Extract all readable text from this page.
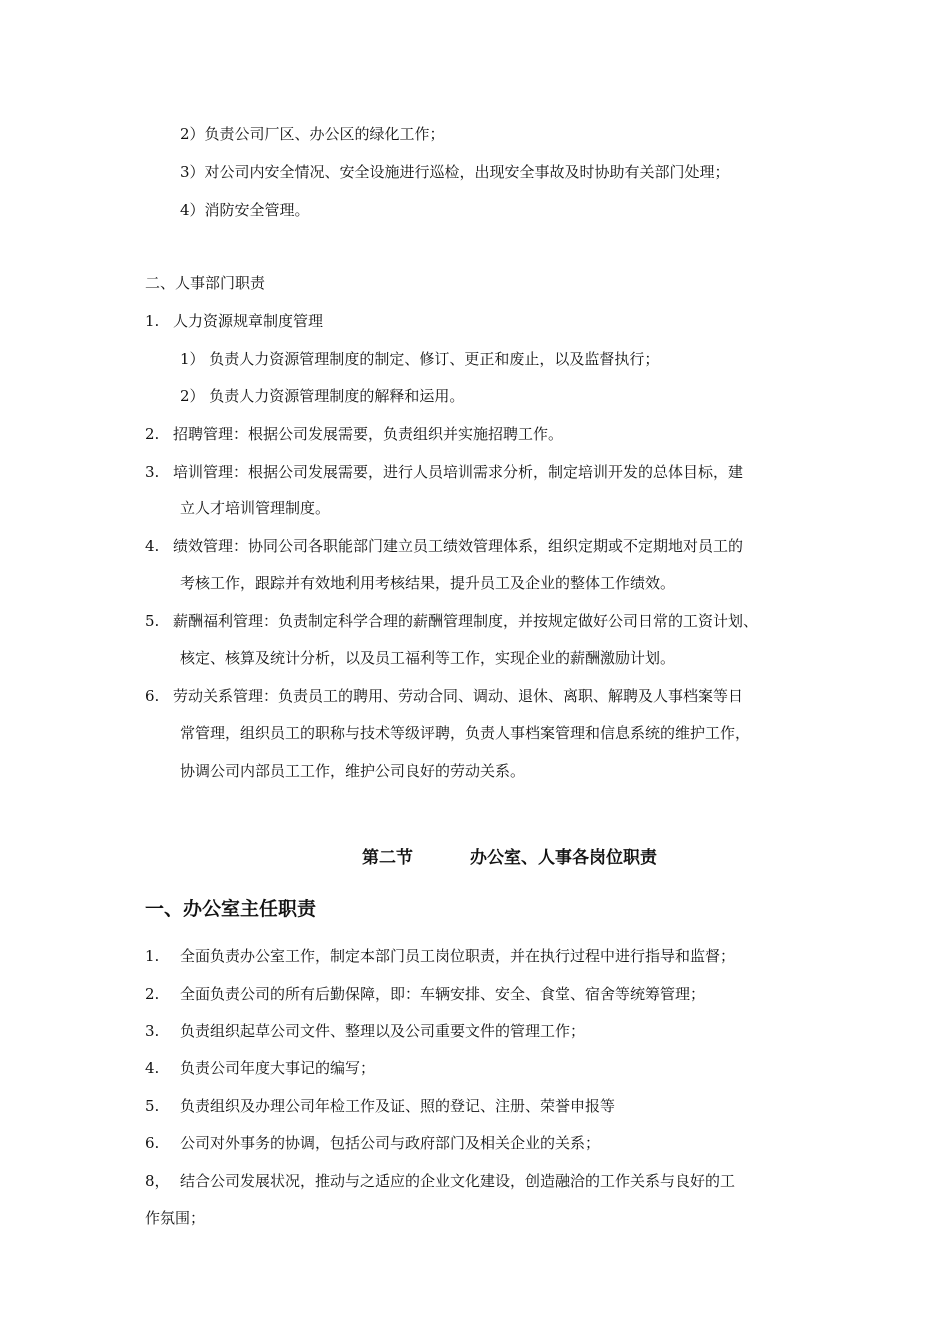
2）负责公司厂区、办公区的绿化工作；
3）对公司内安全情况、安全设施进行巡检，出现安全事故及时协助有关部门处理；
4）消防安全管理。
二、人事部门职责
1. 人力资源规章制度管理
1） 负责人力资源管理制度的制定、修订、更正和废止，以及监督执行；
2） 负责人力资源管理制度的解释和运用。
2. 招聘管理：根据公司发展需要，负责组织并实施招聘工作。
3. 培训管理：根据公司发展需要，进行人员培训需求分析，制定培训开发的总体目标，建
立人才培训管理制度。
4. 绩效管理：协同公司各职能部门建立员工绩效管理体系，组织定期或不定期地对员工的
考核工作，跟踪并有效地利用考核结果，提升员工及企业的整体工作绩效。
5. 薪酬福利管理：负责制定科学合理的薪酬管理制度，并按规定做好公司日常的工资计划、
核定、核算及统计分析，以及员工福利等工作，实现企业的薪酬激励计划。
6. 劳动关系管理：负责员工的聘用、劳动合同、调动、退休、离职、解聘及人事档案等日
常管理，组织员工的职称与技术等级评聘，负责人事档案管理和信息系统的维护工作，
协调公司内部员工工作，维护公司良好的劳动关系。
第二节	办公室、人事各岗位职责
一、办公室主任职责
1. 全面负责办公室工作，制定本部门员工岗位职责，并在执行过程中进行指导和监督；
2. 全面负责公司的所有后勤保障，即：车辆安排、安全、食堂、宿舍等统筹管理；
3. 负责组织起草公司文件、整理以及公司重要文件的管理工作；
4. 负责公司年度大事记的编写；
5. 负责组织及办理公司年检工作及证、照的登记、注册、荣誉申报等
6. 公司对外事务的协调，包括公司与政府部门及相关企业的关系；
8， 结合公司发展状况，推动与之适应的企业文化建设，创造融洽的工作关系与良好的工
作氛围；
